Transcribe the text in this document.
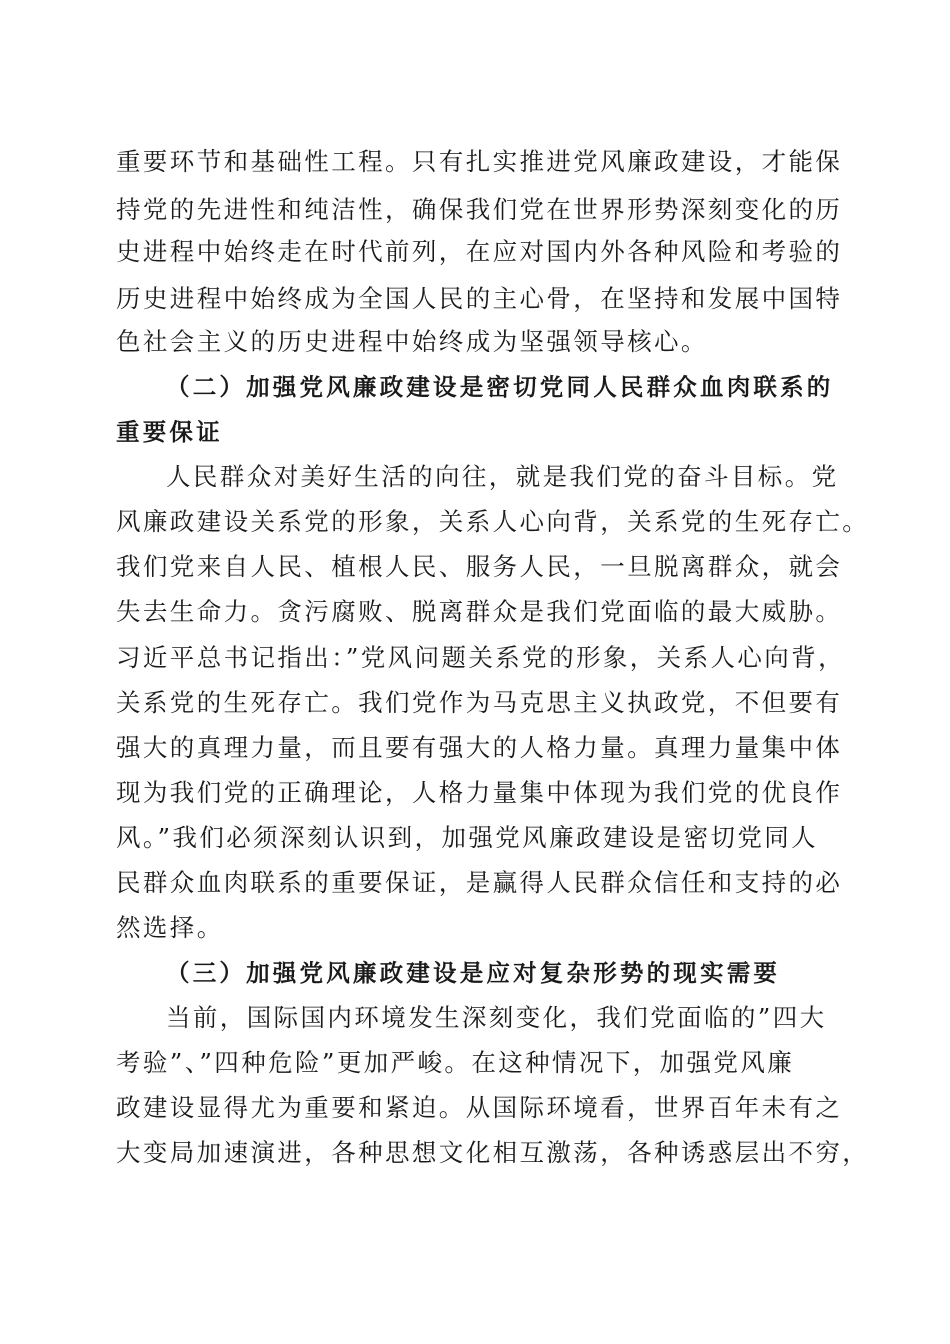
重要环节和基础性工程。只有扎实推进党风廉政建设，才能保
持党的先进性和纯洁性，确保我们党在世界形势深刻变化的历
史进程中始终走在时代前列，在应对国内外各种风险和考验的
历史进程中始终成为全国人民的主心骨，在坚持和发展中国特
色社会主义的历史进程中始终成为坚强领导核心。
（二）加强党风廉政建设是密切党同人民群众血肉联系的
重要保证
人民群众对美好生活的向往，就是我们党的奋斗目标。党
风廉政建设关系党的形象，关系人心向背，关系党的生死存亡。
我们党来自人民、植根人民、服务人民，一旦脱离群众，就会
失去生命力。贪污腐败、脱离群众是我们党面临的最大威胁。
习近平总书记指出：”党风问题关系党的形象，关系人心向背，
关系党的生死存亡。我们党作为马克思主义执政党，不但要有
强大的真理力量，而且要有强大的人格力量。真理力量集中体
现为我们党的正确理论，人格力量集中体现为我们党的优良作
风。”我们必须深刻认识到，加强党风廉政建设是密切党同人
民群众血肉联系的重要保证，是赢得人民群众信任和支持的必
然选择。
（三）加强党风廉政建设是应对复杂形势的现实需要
当前，国际国内环境发生深刻变化，我们党面临的”四大
考验”、”四种危险”更加严峻。在这种情况下，加强党风廉
政建设显得尤为重要和紧迫。从国际环境看，世界百年未有之
大变局加速演进，各种思想文化相互激荡，各种诱惑层出不穷，
